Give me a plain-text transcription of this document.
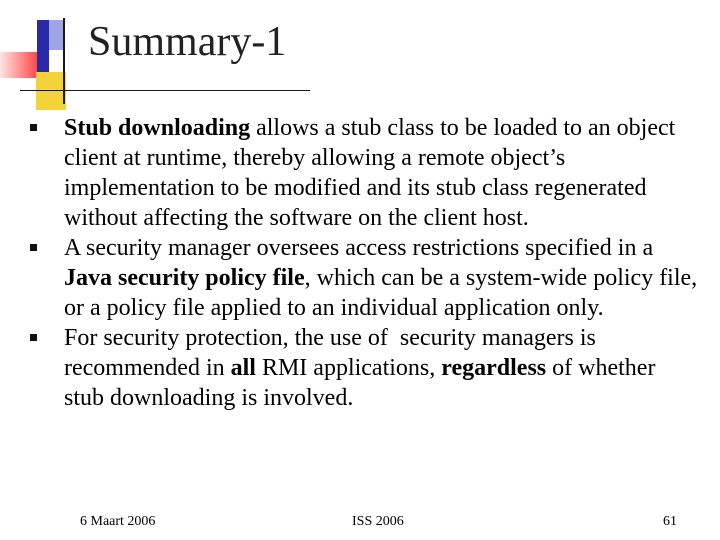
Summary-1
Stub downloading allows a stub class to be loaded to an object client at runtime, thereby allowing a remote object’s implementation to be modified and its stub class regenerated without affecting the software on the client host.
A security manager oversees access restrictions specified in a Java security policy file, which can be a system-wide policy file, or a policy file applied to an individual application only.
For security protection, the use of  security managers is recommended in all RMI applications, regardless of whether stub downloading is involved.
6 Maart 2006	ISS 2006	61
